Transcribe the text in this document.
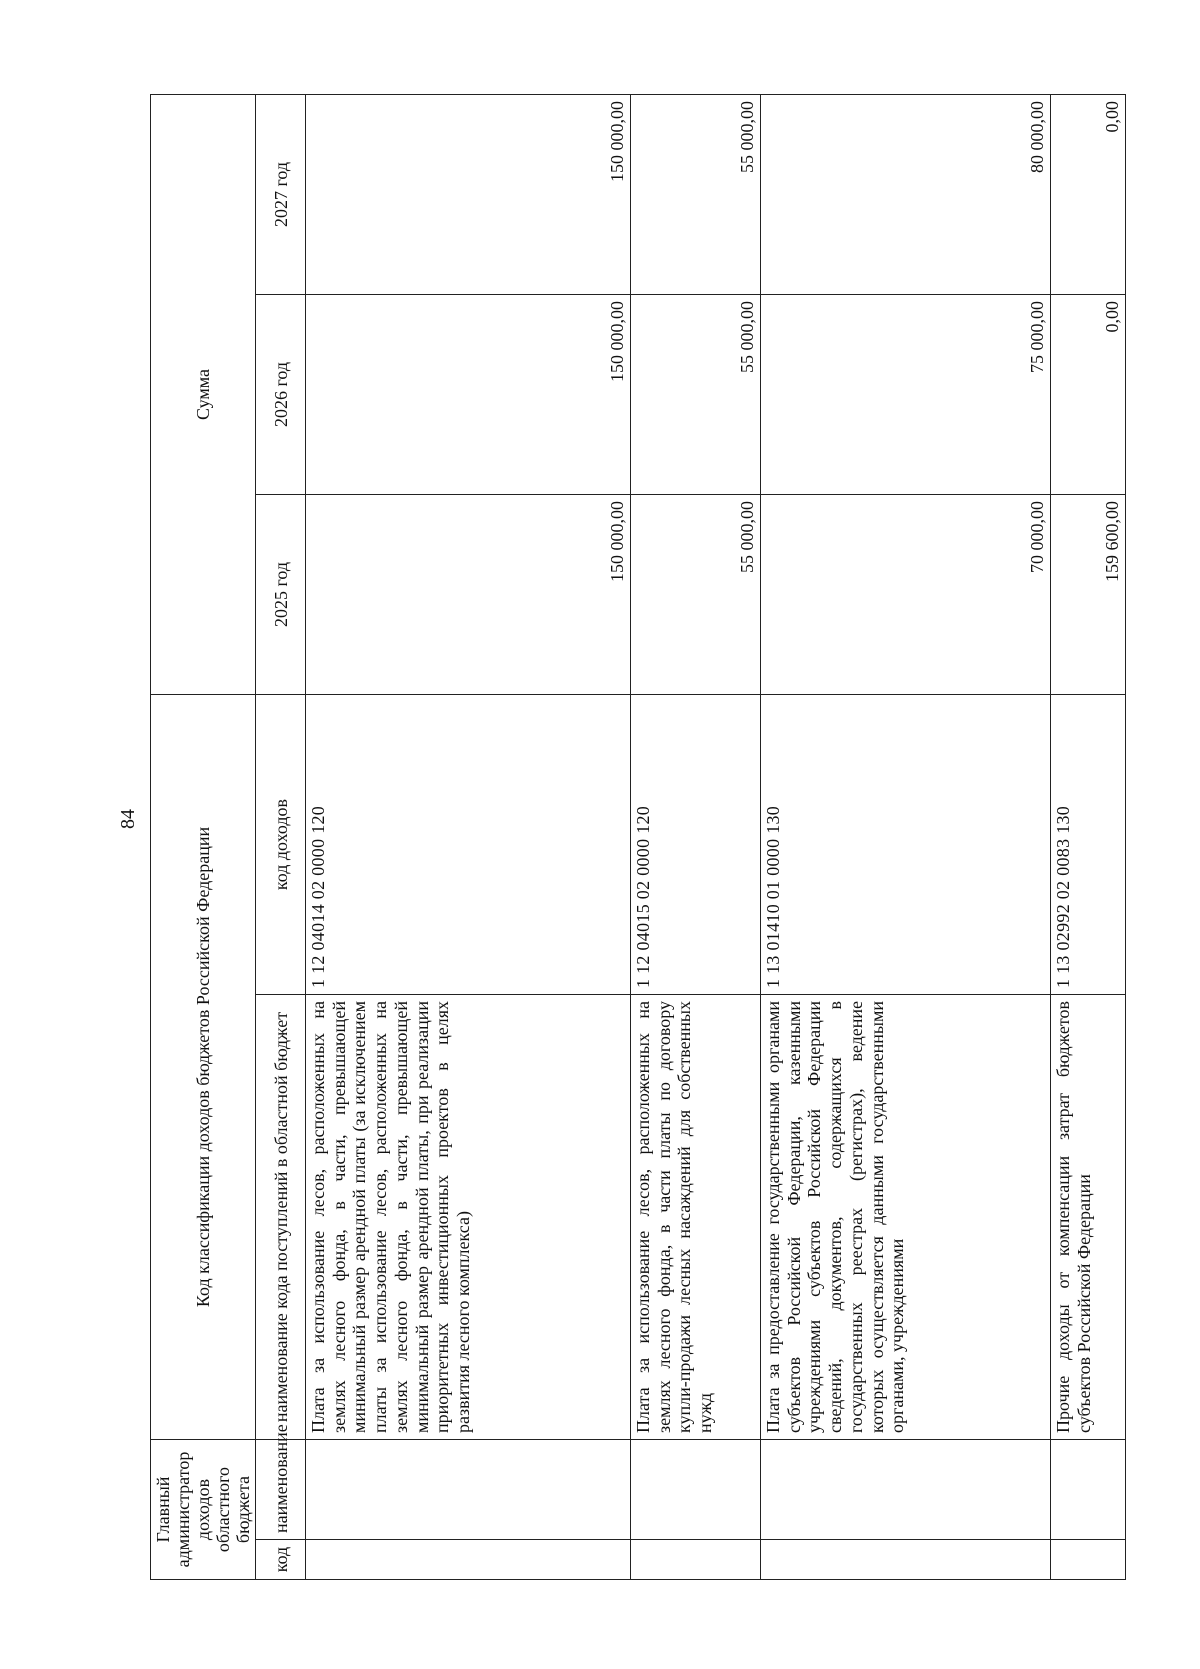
84
Главный администратор доходов областного бюджета		Код классификации доходов бюджетов Российской Федерации		Сумма		
код	наименование	наименование кода поступлений в областной бюджет	код доходов	2025 год	2026 год	2027 год
		Плата за использование лесов, расположенных на землях лесного фонда, в части, превышающей минимальный размер арендной платы (за исключением платы за использование лесов, расположенных на землях лесного фонда, в части, превышающей минимальный размер арендной платы, при реализации приоритетных инвестиционных проектов в целях развития лесного комплекса)	1 12 04014 02 0000 120	150 000,00	150 000,00	150 000,00
		Плата за использование лесов, расположенных на землях лесного фонда, в части платы по договору купли-продажи лесных насаждений для собственных нужд	1 12 04015 02 0000 120	55 000,00	55 000,00	55 000,00
		Плата за предоставление государственными органами субъектов Российской Федерации, казенными учреждениями субъектов Российской Федерации сведений, документов, содержащихся в государственных реестрах (регистрах), ведение которых осуществляется данными государственными органами, учреждениями	1 13 01410 01 0000 130	70 000,00	75 000,00	80 000,00
		Прочие доходы от компенсации затрат бюджетов субъектов Российской Федерации	1 13 02992 02 0083 130	159 600,00	0,00	0,00
